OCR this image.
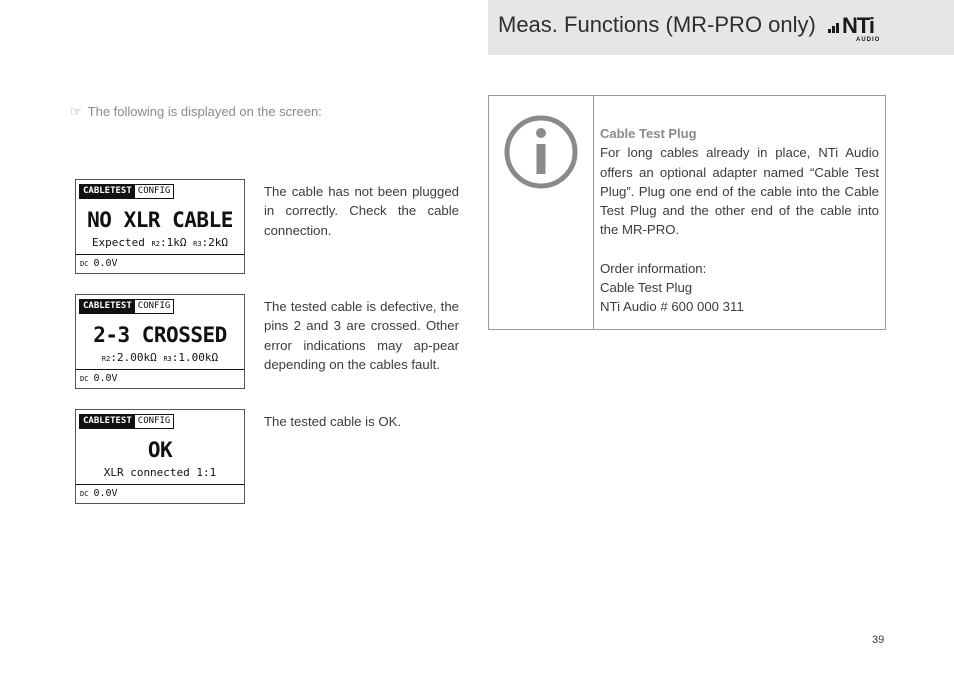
Meas. Functions (MR-PRO only) NTi
AUDIO
☞ The following is displayed on the screen:
CABLETEST CONFIG
NO XLR CABLE
Expected R2:1kΩ R3:2kΩ
DC 0.0V
The cable has not been plugged in correctly. Check the cable connection.
CABLETEST CONFIG
2-3 CROSSED
R2:2.00kΩ R3:1.00kΩ
DC 0.0V
The tested cable is defective, the pins 2 and 3 are crossed. Other error indications may ap-pear depending on the cables fault.
CABLETEST CONFIG
OK
XLR connected 1:1
DC 0.0V
The tested cable is OK.
Cable Test Plug
For long cables already in place, NTi Audio offers an optional adapter named “Cable Test Plug”. Plug one end of the cable into the Cable Test Plug and the other end of the cable into the MR-PRO.
Order information:
Cable Test Plug
NTi Audio # 600 000 311
39
